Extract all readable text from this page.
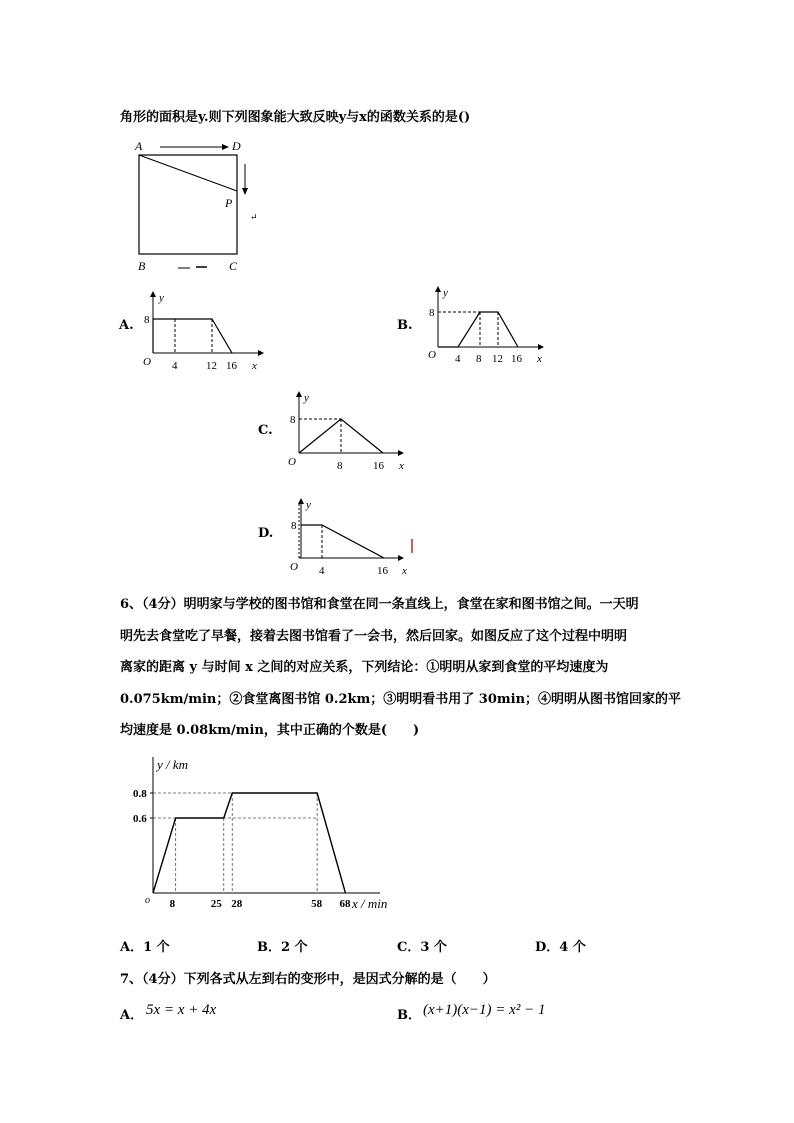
角形的面积是y.则下列图象能大致反映y与x的函数关系的是()
A	D
P
↵
B	C
A.
y
8
O 4	12 16 x
B.
y
8
O 4 8 12 16 x
C.
y
8
O	8	16 x
D.
y
8
O 4	16 x
6、（4分）明明家与学校的图书馆和食堂在同一条直线上，食堂在家和图书馆之间。一天明
明先去食堂吃了早餐，接着去图书馆看了一会书，然后回家。如图反应了这个过程中明明
离家的距离 y 与时间 x 之间的对应关系，下列结论：①明明从家到食堂的平均速度为
0.075km/min；②食堂离图书馆 0.2km；③明明看书用了 30min；④明明从图书馆回家的平
均速度是 0.08km/min，其中正确的个数是(　　)
y / km
x / min
o
0.6
0.8
8	25 28	58 68
A．1 个	B．2 个	C．3 个	D．4 个
7、（4分）下列各式从左到右的变形中，是因式分解的是（　　）
A． 5x = x + 4x	B． (x+1)(x−1) = x² − 1
